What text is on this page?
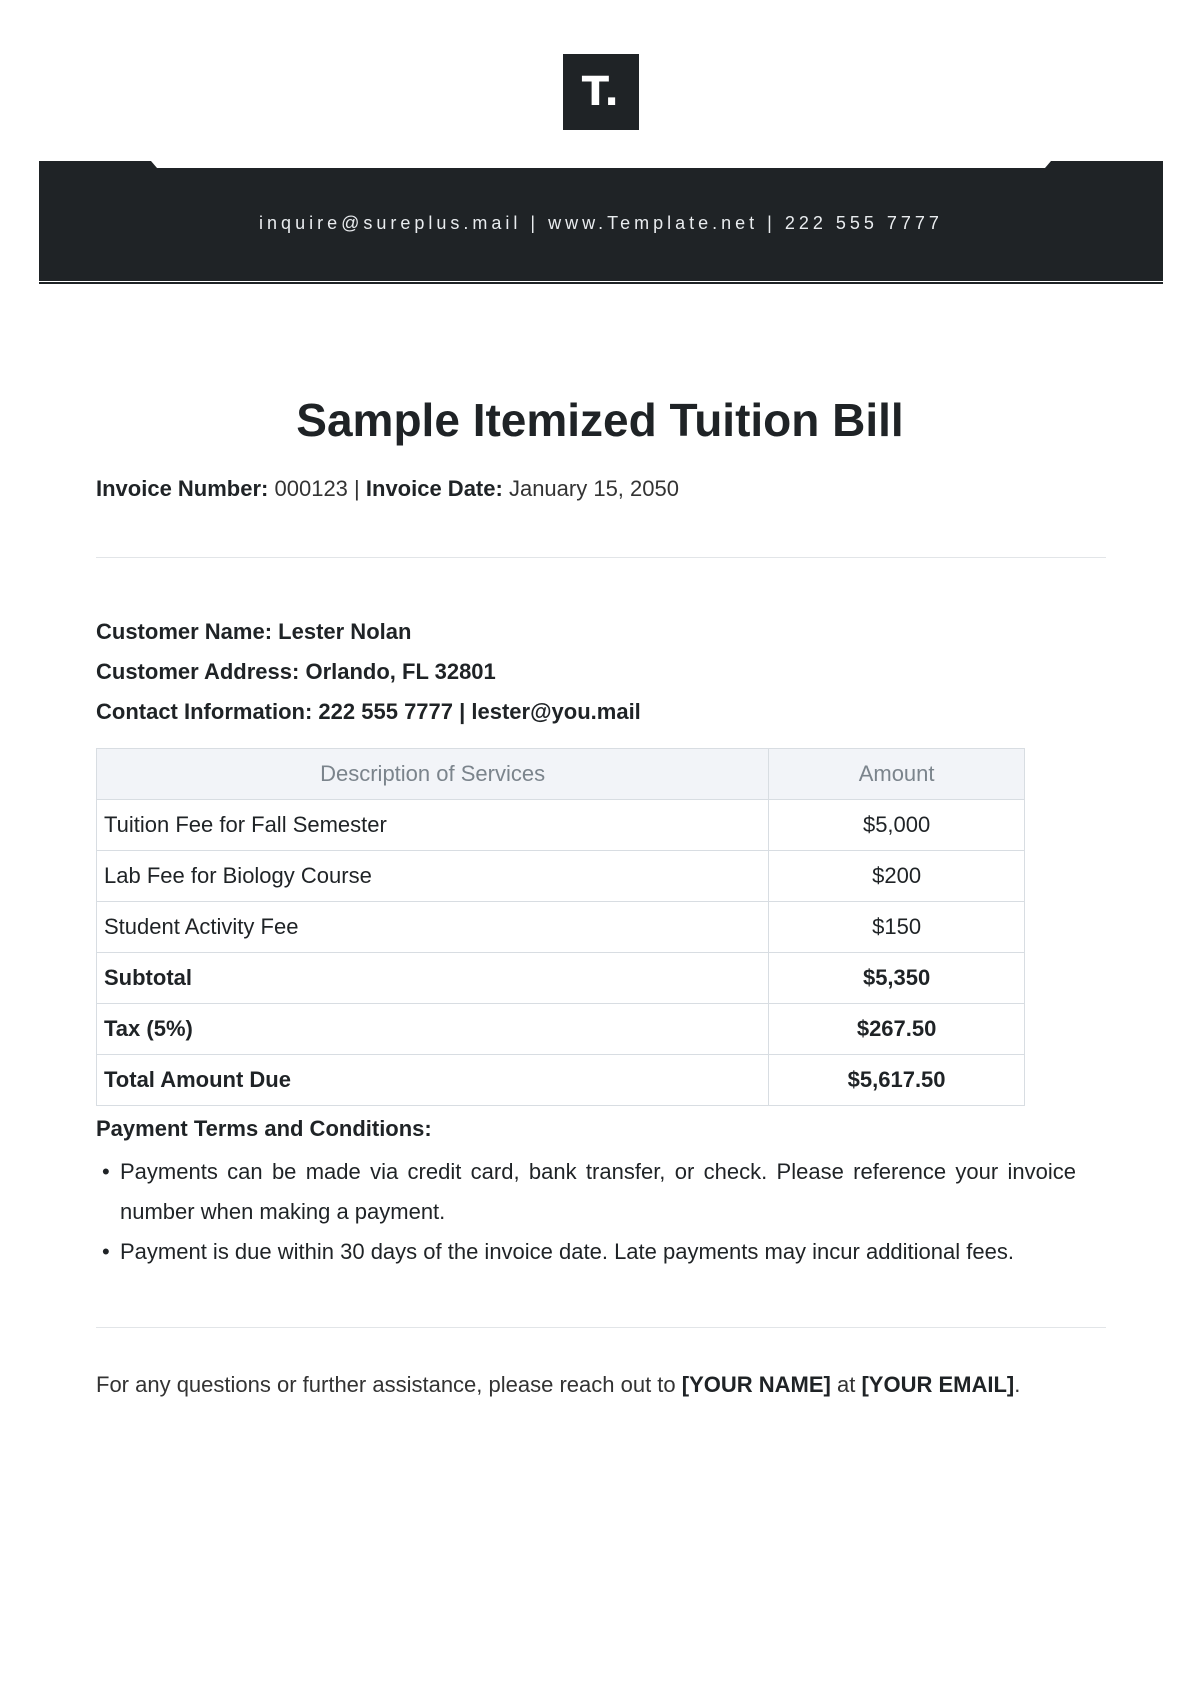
T.
inquire@sureplus.mail | www.Template.net | 222 555 7777
Sample Itemized Tuition Bill
Invoice Number: 000123 | Invoice Date: January 15, 2050
Customer Name: Lester Nolan
Customer Address: Orlando, FL 32801
Contact Information: 222 555 7777 | lester@you.mail
Description of Services	Amount
Tuition Fee for Fall Semester	$5,000
Lab Fee for Biology Course	$200
Student Activity Fee	$150
Subtotal	$5,350
Tax (5%)	$267.50
Total Amount Due	$5,617.50
Payment Terms and Conditions:
• Payments can be made via credit card, bank transfer, or check. Please reference your invoice number when making a payment.
• Payment is due within 30 days of the invoice date. Late payments may incur additional fees.
For any questions or further assistance, please reach out to [YOUR NAME] at [YOUR EMAIL].
